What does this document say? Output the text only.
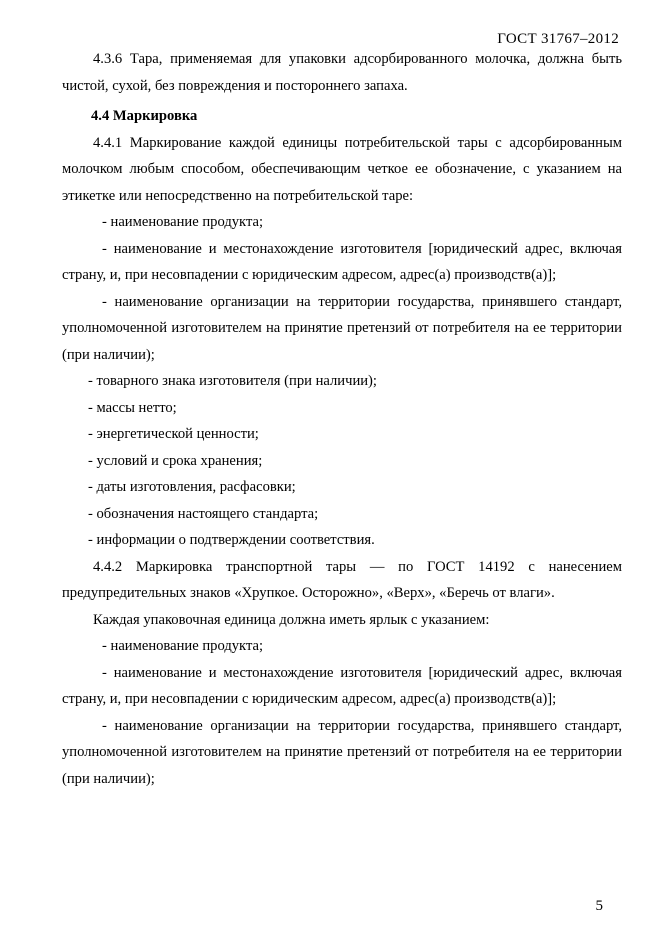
ГОСТ 31767–2012

4.3.6 Тара, применяемая для упаковки адсорбированного молочка, должна быть чистой, сухой, без повреждения и постороннего запаха.

4.4 Маркировка

4.4.1 Маркирование каждой единицы потребительской тары с адсорбированным молочком любым способом, обеспечивающим четкое ее обозначение, с указанием на этикетке или непосредственно на потребительской таре:

- наименование продукта;

- наименование и местонахождение изготовителя [юридический адрес, включая страну, и, при несовпадении с юридическим адресом, адрес(а) производств(а)];

- наименование организации на территории государства, принявшего стандарт, уполномоченной изготовителем на принятие претензий от потребителя на ее территории (при наличии);

- товарного знака изготовителя (при наличии);

- массы нетто;

- энергетической ценности;

- условий и срока хранения;

- даты изготовления, расфасовки;

- обозначения настоящего стандарта;

- информации о подтверждении соответствия.

4.4.2 Маркировка транспортной тары — по ГОСТ 14192 с нанесением предупредительных знаков «Хрупкое. Осторожно», «Верх», «Беречь от влаги».

Каждая упаковочная единица должна иметь ярлык с указанием:

- наименование продукта;

- наименование и местонахождение изготовителя [юридический адрес, включая страну, и, при несовпадении с юридическим адресом, адрес(а) производств(а)];

- наименование организации на территории государства, принявшего стандарт, уполномоченной изготовителем на принятие претензий от потребителя на ее территории (при наличии);

5
